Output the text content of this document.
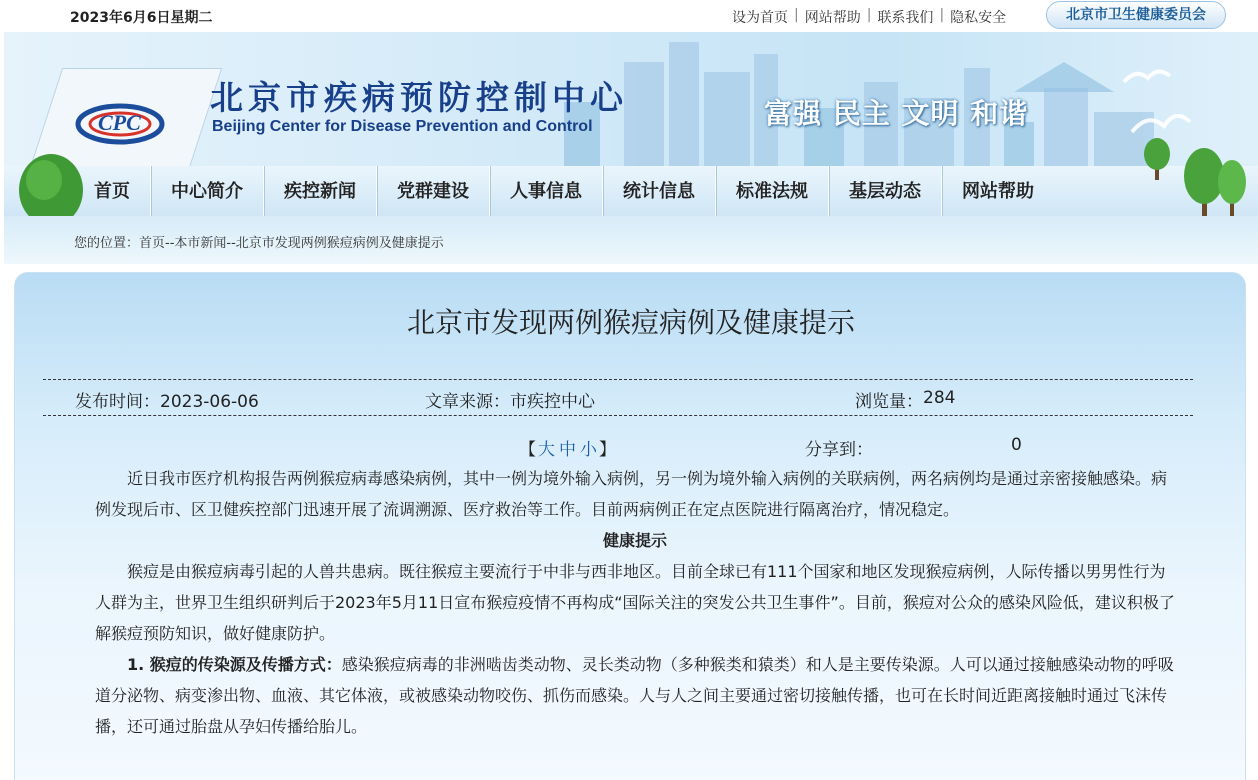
2023年6月6日星期二	设为首页 | 网站帮助 | 联系我们 | 隐私安全	北京市卫生健康委员会
CPC
北京市疾病预防控制中心
Beijing Center for Disease Prevention and Control	富强 民主 文明 和谐
首页	中心简介	疾控新闻	党群建设	人事信息	统计信息	标准法规	基层动态	网站帮助
您的位置：首页--本市新闻--北京市发现两例猴痘病例及健康提示
北京市发现两例猴痘病例及健康提示
发布时间：2023-06-06	文章来源：市疾控中心	浏览量：284
【 大 中 小 】	分享到：	0

近日我市医疗机构报告两例猴痘病毒感染病例，其中一例为境外输入病例，另一例为境外输入病例的关联病例，两名病例均是通过亲密接触感染。病例发现后市、区卫健疾控部门迅速开展了流调溯源、医疗救治等工作。目前两病例正在定点医院进行隔离治疗，情况稳定。

健康提示

猴痘是由猴痘病毒引起的人兽共患病。既往猴痘主要流行于中非与西非地区。目前全球已有111个国家和地区发现猴痘病例，人际传播以男男性行为人群为主，世界卫生组织研判后于2023年5月11日宣布猴痘疫情不再构成“国际关注的突发公共卫生事件”。目前，猴痘对公众的感染风险低，建议积极了解猴痘预防知识，做好健康防护。

1. 猴痘的传染源及传播方式：感染猴痘病毒的非洲啮齿类动物、灵长类动物（多种猴类和猿类）和人是主要传染源。人可以通过接触感染动物的呼吸道分泌物、病变渗出物、血液、其它体液，或被感染动物咬伤、抓伤而感染。人与人之间主要通过密切接触传播，也可在长时间近距离接触时通过飞沫传播，还可通过胎盘从孕妇传播给胎儿。
